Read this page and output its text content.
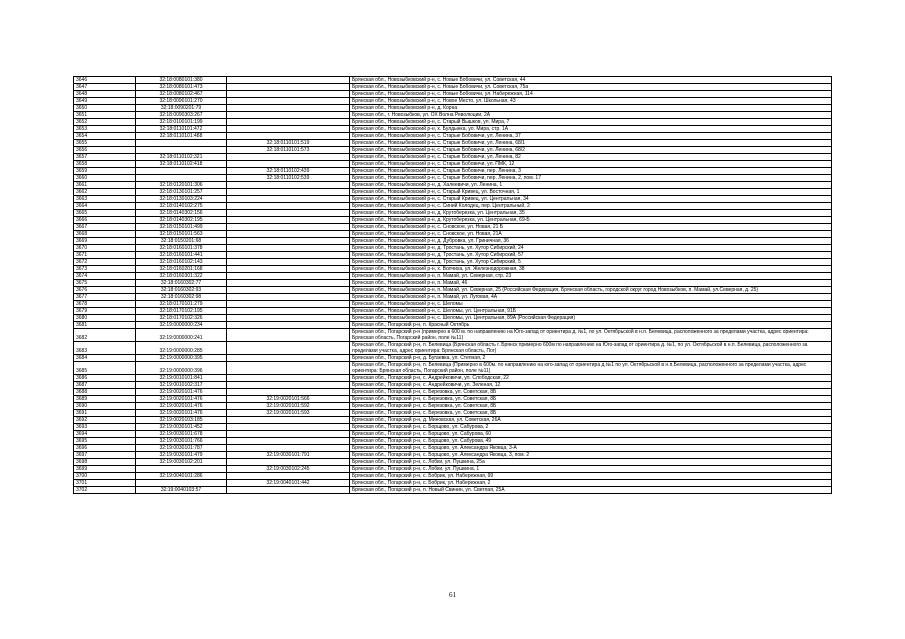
3646	32:18:0080101:380		Брянская обл., Новозыбковский р-н, с. Новые Бобовичи, ул. Советская, 44
3647	32:18:0080101:473		Брянская обл., Новозыбковский р-н, с. Новые Бобовичи, ул. Советская, 75а
3648	32:18:0080102:467		Брянская обл., Новозыбковский р-н, с. Новые Бобовичи, ул. Набережная, 114
3649	32:18:0090101:270		Брянская обл., Новозыбковский р-н, с. Новое Место, ул. Школьная, 43
3650	32:18:0090201:79		Брянская обл., Новозыбковский р-н, д. Корна
3651	32:18:0090303:267		Брянская обл., г. Новозыбков, ул. ОХ Волна Революции, 2А
3652	32:18:0100101:199		Брянская обл., Новозыбковский р-н, с. Старый Вышков, ул. Мира, 7
3653	32:18:0110101:472		Брянская обл., Новозыбковский р-н, х. Булдынка, ул. Мира, стр. 1А
3654	32:18:0110101:488		Брянская обл., Новозыбковский р-н, с. Старые Бобовичи, ул. Ленина, 37
3655		32:18:0110101:519	Брянская обл., Новозыбковский р-н, с. Старые Бобовичи, ул. Ленина, 68/1
3656		32:18:0110101:573	Брянская обл., Новозыбковский р-н, с. Старые Бобовичи, ул. Ленина, 68/2
3657	32:18:0110102:321		Брянская обл., Новозыбковский р-н, с. Старые Бобовичи, ул. Ленина, 82
3658	32:18:0110102:418		Брянская обл., Новозыбковский р-н, с. Старые Бобовичи, ул. ПМК, 12
3659		32:18:0110102:439	Брянская обл., Новозыбковский р-н, с. Старые Бобовичи, пер. Ленина, 3
3660		32:18:0110102:539	Брянская обл., Новозыбковский р-н, с. Старые Бобовичи, пер. Ленина, 2, пом. 17
3661	32:18:0120101:306		Брянская обл., Новозыбковский р-н, д. Халеевичи, ул. Ленина, 1
3662	32:18:0130101:257		Брянская обл., Новозыбковский р-н, с. Старый Кривец, ул. Восточная, 1
3663	32:18:0130103:224		Брянская обл., Новозыбковский р-н, с. Старый Кривец, ул. Центральная, 34
3664	32:18:0140102:275		Брянская обл., Новозыбковский р-н, с. Синий Колодец, пер. Центральный, 2
3665	32:18:0140302:156		Брянская обл., Новозыбковский р-н, д. Крутоберезка, ул. Центральная, 35
3666	32:18:0140302:195		Брянская обл., Новозыбковский р-н, д. Крутоберезка, ул. Центральная, 69-Б
3667	32:18:0150101:499		Брянская обл., Новозыбковский р-н, с. Сновское, ул. Новая, 21 Б
3668	32:18:0150101:563		Брянская обл., Новозыбковский р-н, с. Сновское, ул. Новая, 21А
3669	32:18:0150201:68		Брянская обл., Новозыбковский р-н, д. Дубровка, ул. Гриничная, 36
3670	32:18:0160101:378		Брянская обл., Новозыбковский р-н, д. Тростань, ул. Хутор Сибирский, 24
3671	32:18:0160101:441		Брянская обл., Новозыбковский р-н, д. Тростань, ул. Хутор Сибирский, 57
3672	32:18:0160102:143		Брянская обл., Новозыбковский р-н, д. Тростань, ул. Хутор Сибирский, 5
3673	32:18:0160201:168		Брянская обл., Новозыбковский р-н, х. Волчиха, ул. Железнодорожная, 38
3674	32:18:0160301:322		Брянская обл., Новозыбковский р-н, п. Мамай, ул. Северная, стр. 23
3675	32:18:0160302:77		Брянская обл., Новозыбковский р-н, п. Мамай, 46
3676	32:18:0160302:93		Брянская обл., Новозыбковский р-н, п. Мамай, ул. Северная, 25 (Российская Федерация, Брянская область, городской округ город Новозыбков, п. Мамай, ул.Северная, д. 25)
3677	32:18:0160302:98		Брянская обл., Новозыбковский р-н, п. Мамай, ул. Луговая, 4А
3678	32:18:0170101:279		Брянская обл., Новозыбковский р-н, с. Шеломы
3679	32:18:0170102:195		Брянская обл., Новозыбковский р-н, с. Шеломы, ул. Центральная, 91Б
3680	32:18:0170102:326		Брянская обл., Новозыбковский р-н, с. Шеломы, ул. Центральная, 89А (Российская Федерация)
3681	32:19:0000000:234		Брянская обл., Погарский р-н, п. Красный Октябрь
3682	32:19:0000000:241		Брянская обл., Погарский р-н (примерно в 600 м. по направлению на Юго-запад от ориентира д. №1, по ул. Октябрьской в н.п. Белевица, расположенного за пределами участка, адрес ориентира: Брянская область, Погарский район, поле №11)
3683	32:19:0000000:285		Брянская обл., Погарский р-н, п. Белевица (Брянская область г. Брянск примерно 600м по направлению на Юго-запад от ориентира д. №1, по ул. Октябрьской в н.п. Белевица, расположенного за пределами участка, адрес ориентира: Брянская область, Пог)
3684	32:19:0000000:395		Брянская обл., Погарский р-н, д. Бугаевка, ул. Степная, 2
3685	32:19:0000000:396		Брянская обл., Погарский р-н, п. Белевица (Примерно в 600м. по направлению на юго-запад от ориентира д.№1 по ул. Октябрьской в н.п.Белевица, расположенного за пределами участка, адрес ориентира: Брянская область, Погарский район, поле №11)
3686	32:19:0010101:841		Брянская обл., Погарский р-н, с. Андрейковичи, ул. Слободская, 22
3687	32:19:0010102:317		Брянская обл., Погарский р-н, с. Андрейковичи, ул. Зеленая, 12
3688	32:19:0020101:476		Брянская обл., Погарский р-н, с. Березовка, ул. Советская, 8Б
3689	32:19:0020101:476	32:19:0020101:566	Брянская обл., Погарский р-н, с. Березовка, ул. Советская, 8Б
3690	32:19:0020101:476	32:19:0020101:592	Брянская обл., Погарский р-н, с. Березовка, ул. Советская, 8Б
3691	32:19:0020101:476	32:19:0020101:593	Брянская обл., Погарский р-н, с. Березовка, ул. Советская, 8Б
3692	32:19:0020103:185		Брянская обл., Погарский р-н, д. Миновская, ул. Советская, 26А
3693	32:19:0030101:452		Брянская обл., Погарский р-н, с. Борщово, ул. Сабурова, 2
3694	32:19:0030101:678		Брянская обл., Погарский р-н, с. Борщово, ул. Сабурова, 60
3695	32:19:0030101:766		Брянская обл., Погарский р-н, с. Борщово, ул. Сабурова, 49
3696	32:19:0030101:787		Брянская обл., Погарский р-н, с. Борщово, ул. Александра Яковца, 3-А
3697	32:19:0030101:479	32:19:0030101:791	Брянская обл., Погарский р-н, с. Борщово, ул. Александра Яковца, 3, пом. 2
3698	32:19:0030102:201		Брянская обл., Погарский р-н, с. Лобки, ул. Пушкина, 25а
3699		32:19:0030102:245	Брянская обл., Погарский р-н, с. Лобки, ул. Пушкина, 1
3700	32:19:0040101:286		Брянская обл., Погарский р-н, с. Бобрик, ул. Набережная, 99
3701		32:19:0040101:442	Брянская обл., Погарский р-н, с. Бобрик, ул. Набережная, 2
3702	32:19:0040103:57		Брянская обл., Погарский р-н, п. Новый Свинин, ул. Светлая, 25А
61
